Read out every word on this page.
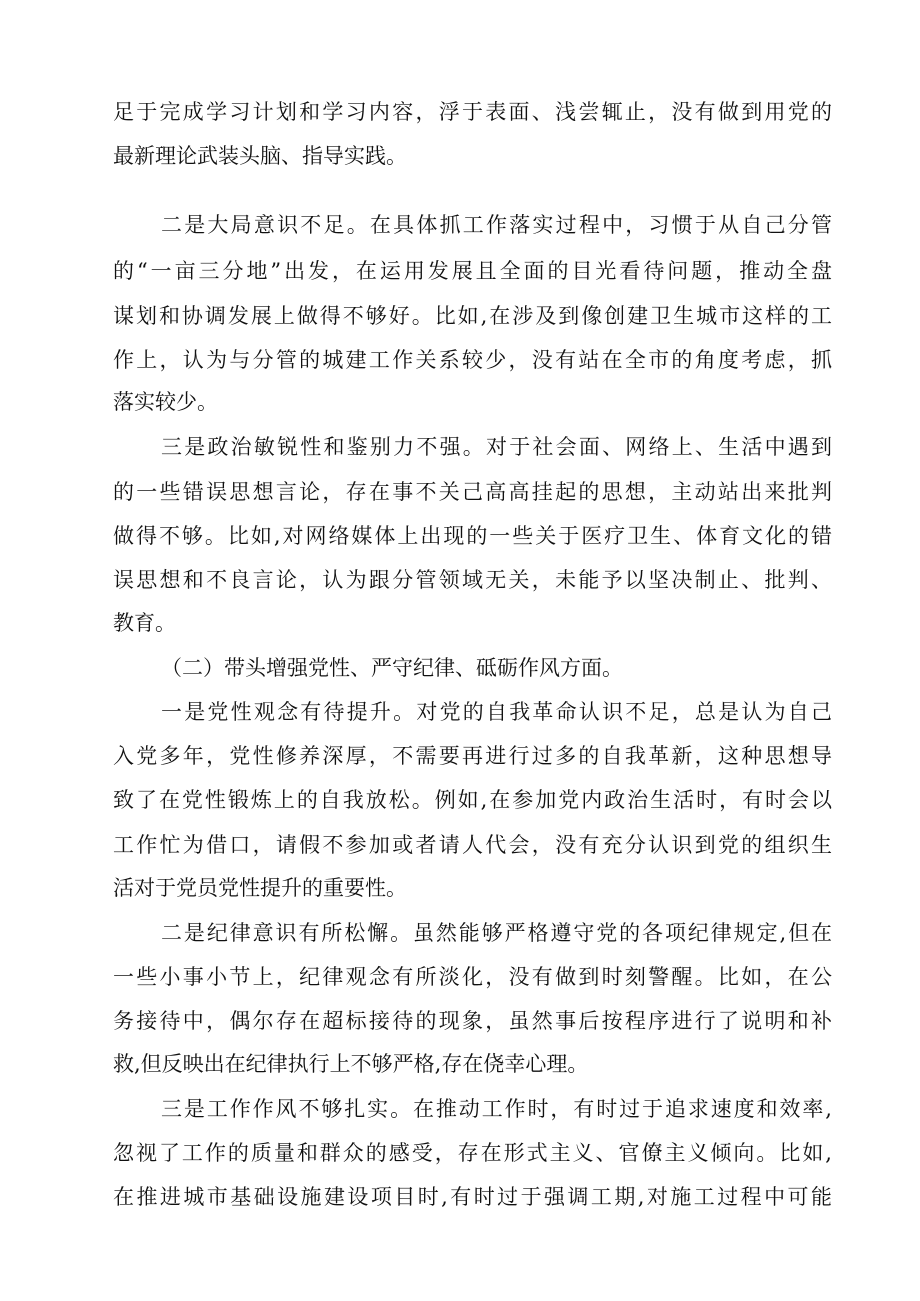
足于完成学习计划和学习内容，浮于表面、浅尝辄止，没有做到用党的
最新理论武装头脑、指导实践。
二是大局意识不足。在具体抓工作落实过程中，习惯于从自己分管
的“一亩三分地”出发，在运用发展且全面的目光看待问题，推动全盘
谋划和协调发展上做得不够好。比如,在涉及到像创建卫生城市这样的工
作上，认为与分管的城建工作关系较少，没有站在全市的角度考虑，抓
落实较少。
三是政治敏锐性和鉴别力不强。对于社会面、网络上、生活中遇到
的一些错误思想言论，存在事不关己高高挂起的思想，主动站出来批判
做得不够。比如,对网络媒体上出现的一些关于医疗卫生、体育文化的错
误思想和不良言论，认为跟分管领域无关，未能予以坚决制止、批判、
教育。
（二）带头增强党性、严守纪律、砥砺作风方面。
一是党性观念有待提升。对党的自我革命认识不足，总是认为自己
入党多年，党性修养深厚，不需要再进行过多的自我革新，这种思想导
致了在党性锻炼上的自我放松。例如,在参加党内政治生活时，有时会以
工作忙为借口，请假不参加或者请人代会，没有充分认识到党的组织生
活对于党员党性提升的重要性。
二是纪律意识有所松懈。虽然能够严格遵守党的各项纪律规定,但在
一些小事小节上，纪律观念有所淡化，没有做到时刻警醒。比如，在公
务接待中，偶尔存在超标接待的现象，虽然事后按程序进行了说明和补
救,但反映出在纪律执行上不够严格,存在侥幸心理。
三是工作作风不够扎实。在推动工作时，有时过于追求速度和效率,
忽视了工作的质量和群众的感受，存在形式主义、官僚主义倾向。比如,
在推进城市基础设施建设项目时,有时过于强调工期,对施工过程中可能
